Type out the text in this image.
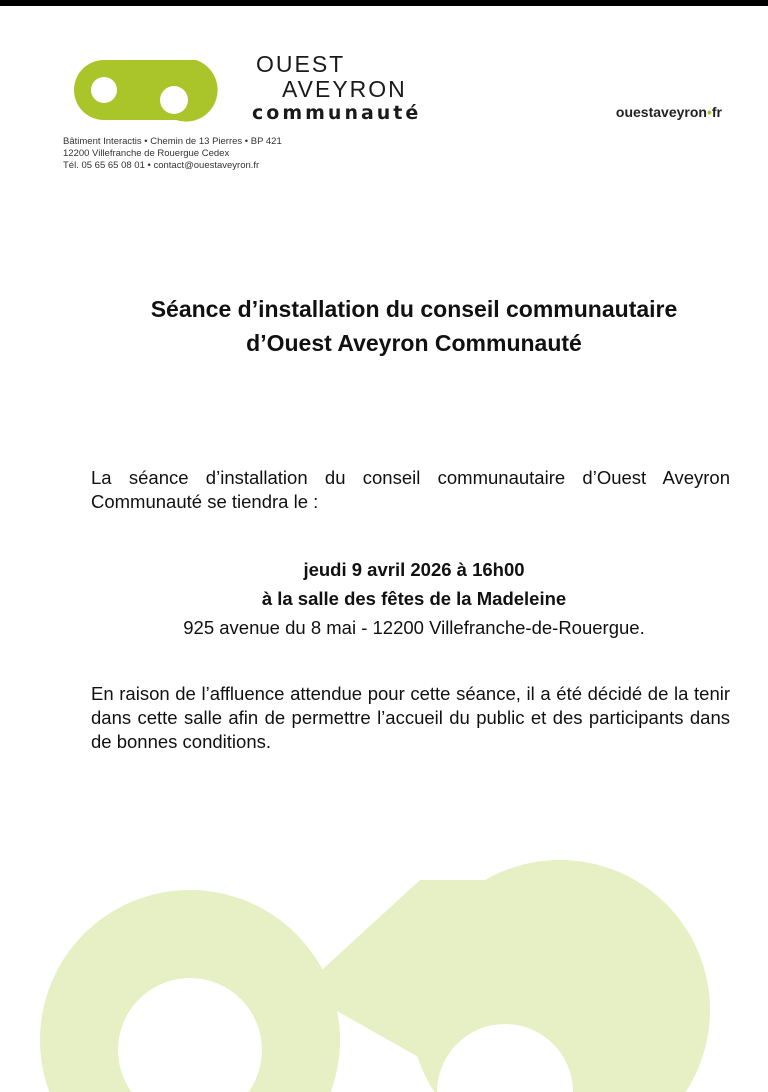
OUEST
AVEYRON
communauté	ouestaveyron•fr
Bâtiment Interactis • Chemin de 13 Pierres • BP 421
12200 Villefranche de Rouergue Cedex
Tél. 05 65 65 08 01 • contact@ouestaveyron.fr
Séance d’installation du conseil communautaire
d’Ouest Aveyron Communauté
La séance d’installation du conseil communautaire d’Ouest Aveyron Communauté se tiendra le :
jeudi 9 avril 2026 à 16h00
à la salle des fêtes de la Madeleine
925 avenue du 8 mai - 12200 Villefranche-de-Rouergue.
En raison de l’affluence attendue pour cette séance, il a été décidé de la tenir dans cette salle afin de permettre l’accueil du public et des participants dans de bonnes conditions.
